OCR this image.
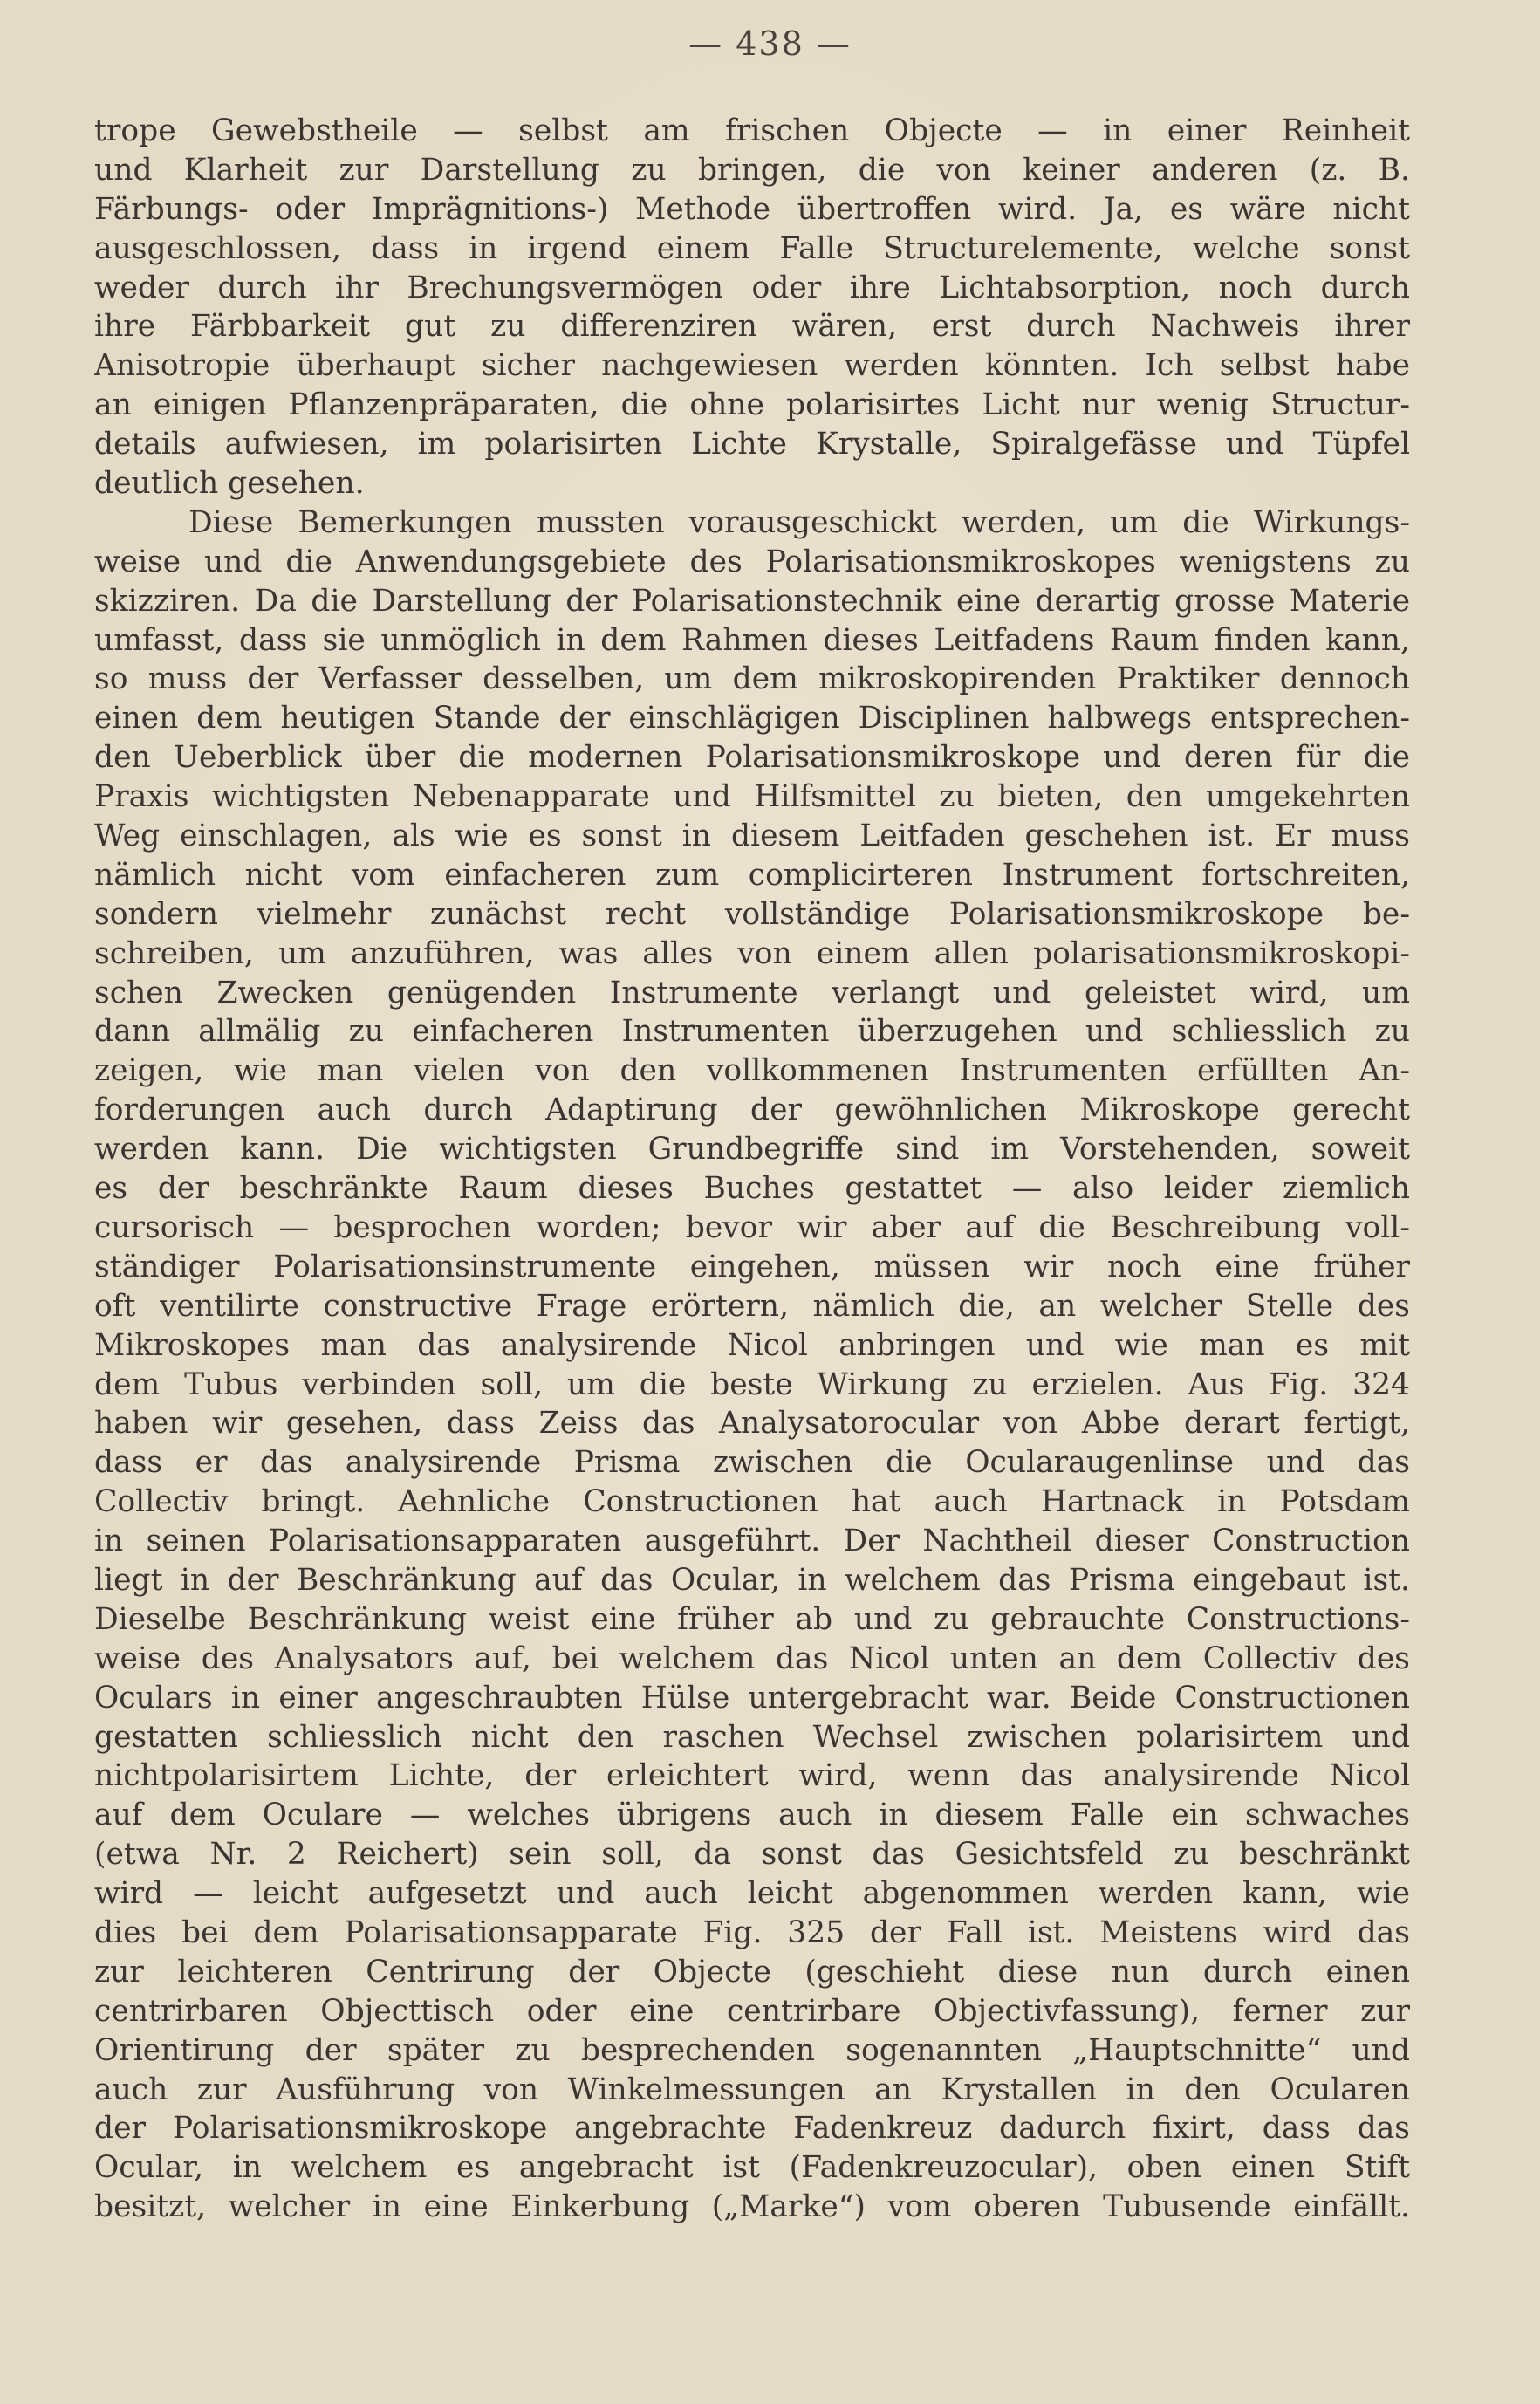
— 438 —
trope Gewebstheile — selbst am frischen Objecte — in einer Reinheit
und Klarheit zur Darstellung zu bringen, die von keiner anderen (z. B.
Färbungs- oder Imprägnitions-) Methode übertroffen wird. Ja, es wäre nicht
ausgeschlossen, dass in irgend einem Falle Structurelemente, welche sonst
weder durch ihr Brechungsvermögen oder ihre Lichtabsorption, noch durch
ihre Färbbarkeit gut zu differenziren wären, erst durch Nachweis ihrer
Anisotropie überhaupt sicher nachgewiesen werden könnten. Ich selbst habe
an einigen Pflanzenpräparaten, die ohne polarisirtes Licht nur wenig Structur-
details aufwiesen, im polarisirten Lichte Krystalle, Spiralgefässe und Tüpfel
deutlich gesehen.
Diese Bemerkungen mussten vorausgeschickt werden, um die Wirkungs-
weise und die Anwendungsgebiete des Polarisationsmikroskopes wenigstens zu
skizziren. Da die Darstellung der Polarisationstechnik eine derartig grosse Materie
umfasst, dass sie unmöglich in dem Rahmen dieses Leitfadens Raum finden kann,
so muss der Verfasser desselben, um dem mikroskopirenden Praktiker dennoch
einen dem heutigen Stande der einschlägigen Disciplinen halbwegs entsprechen-
den Ueberblick über die modernen Polarisationsmikroskope und deren für die
Praxis wichtigsten Nebenapparate und Hilfsmittel zu bieten, den umgekehrten
Weg einschlagen, als wie es sonst in diesem Leitfaden geschehen ist. Er muss
nämlich nicht vom einfacheren zum complicirteren Instrument fortschreiten,
sondern vielmehr zunächst recht vollständige Polarisationsmikroskope be-
schreiben, um anzuführen, was alles von einem allen polarisationsmikroskopi-
schen Zwecken genügenden Instrumente verlangt und geleistet wird, um
dann allmälig zu einfacheren Instrumenten überzugehen und schliesslich zu
zeigen, wie man vielen von den vollkommenen Instrumenten erfüllten An-
forderungen auch durch Adaptirung der gewöhnlichen Mikroskope gerecht
werden kann. Die wichtigsten Grundbegriffe sind im Vorstehenden, soweit
es der beschränkte Raum dieses Buches gestattet — also leider ziemlich
cursorisch — besprochen worden; bevor wir aber auf die Beschreibung voll-
ständiger Polarisationsinstrumente eingehen, müssen wir noch eine früher
oft ventilirte constructive Frage erörtern, nämlich die, an welcher Stelle des
Mikroskopes man das analysirende Nicol anbringen und wie man es mit
dem Tubus verbinden soll, um die beste Wirkung zu erzielen. Aus Fig. 324
haben wir gesehen, dass Zeiss das Analysatorocular von Abbe derart fertigt,
dass er das analysirende Prisma zwischen die Ocularaugenlinse und das
Collectiv bringt. Aehnliche Constructionen hat auch Hartnack in Potsdam
in seinen Polarisationsapparaten ausgeführt. Der Nachtheil dieser Construction
liegt in der Beschränkung auf das Ocular, in welchem das Prisma eingebaut ist.
Dieselbe Beschränkung weist eine früher ab und zu gebrauchte Constructions-
weise des Analysators auf, bei welchem das Nicol unten an dem Collectiv des
Oculars in einer angeschraubten Hülse untergebracht war. Beide Constructionen
gestatten schliesslich nicht den raschen Wechsel zwischen polarisirtem und
nichtpolarisirtem Lichte, der erleichtert wird, wenn das analysirende Nicol
auf dem Oculare — welches übrigens auch in diesem Falle ein schwaches
(etwa Nr. 2 Reichert) sein soll, da sonst das Gesichtsfeld zu beschränkt
wird — leicht aufgesetzt und auch leicht abgenommen werden kann, wie
dies bei dem Polarisationsapparate Fig. 325 der Fall ist. Meistens wird das
zur leichteren Centrirung der Objecte (geschieht diese nun durch einen
centrirbaren Objecttisch oder eine centrirbare Objectivfassung), ferner zur
Orientirung der später zu besprechenden sogenannten „Hauptschnitte“ und
auch zur Ausführung von Winkelmessungen an Krystallen in den Ocularen
der Polarisationsmikroskope angebrachte Fadenkreuz dadurch fixirt, dass das
Ocular, in welchem es angebracht ist (Fadenkreuzocular), oben einen Stift
besitzt, welcher in eine Einkerbung („Marke“) vom oberen Tubusende einfällt.
